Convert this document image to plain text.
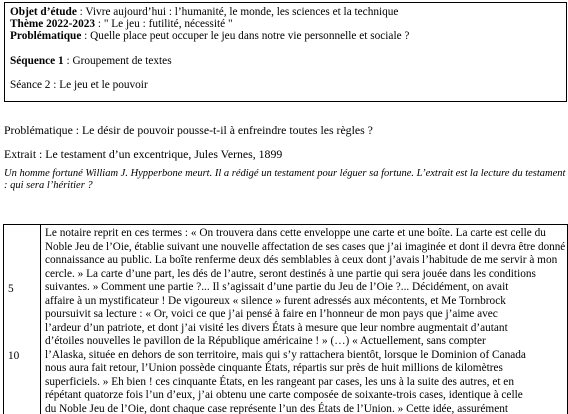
Objet d’étude : Vivre aujourd’hui : l’humanité, le monde, les sciences et la technique
Thème 2022-2023 : " Le jeu : futilité, nécessité "
Problématique : Quelle place peut occuper le jeu dans notre vie personnelle et sociale ?
Séquence 1 : Groupement de textes
Séance 2 : Le jeu et le pouvoir
Problématique : Le désir de pouvoir pousse-t-il à enfreindre toutes les règles ?
Extrait : Le testament d’un excentrique, Jules Vernes, 1899
Un homme fortuné William J. Hypperbone meurt. Il a rédigé un testament pour léguer sa fortune. L’extrait est la lecture du testament : qui sera l’héritier ?
5
10
Le notaire reprit en ces termes : « On trouvera dans cette enveloppe une carte et une boîte. La carte est celle du
Noble Jeu de l’Oie, établie suivant une nouvelle affectation de ses cases que j’ai imaginée et dont il devra être donné
connaissance au public. La boîte renferme deux dés semblables à ceux dont j’avais l’habitude de me servir à mon
cercle. » La carte d’une part, les dés de l’autre, seront destinés à une partie qui sera jouée dans les conditions
suivantes. » Comment une partie ?... Il s’agissait d’une partie du Jeu de l’Oie ?... Décidément, on avait
affaire à un mystificateur ! De vigoureux « silence » furent adressés aux mécontents, et Me Tornbrock
poursuivit sa lecture : « Or, voici ce que j’ai pensé à faire en l’honneur de mon pays que j’aime avec
l’ardeur d’un patriote, et dont j’ai visité les divers États à mesure que leur nombre augmentait d’autant
d’étoiles nouvelles le pavillon de la République américaine ! » (…) « Actuellement, sans compter
l’Alaska, située en dehors de son territoire, mais qui s’y rattachera bientôt, lorsque le Dominion of Canada
nous aura fait retour, l’Union possède cinquante États, répartis sur près de huit millions de kilomètres
superficiels. » Eh bien ! ces cinquante États, en les rangeant par cases, les uns à la suite des autres, et en
répétant quatorze fois l’un d’eux, j’ai obtenu une carte composée de soixante-trois cases, identique à celle
du Noble Jeu de l’Oie, dont chaque case représente l’un des États de l’Union. » Cette idée, assurément
